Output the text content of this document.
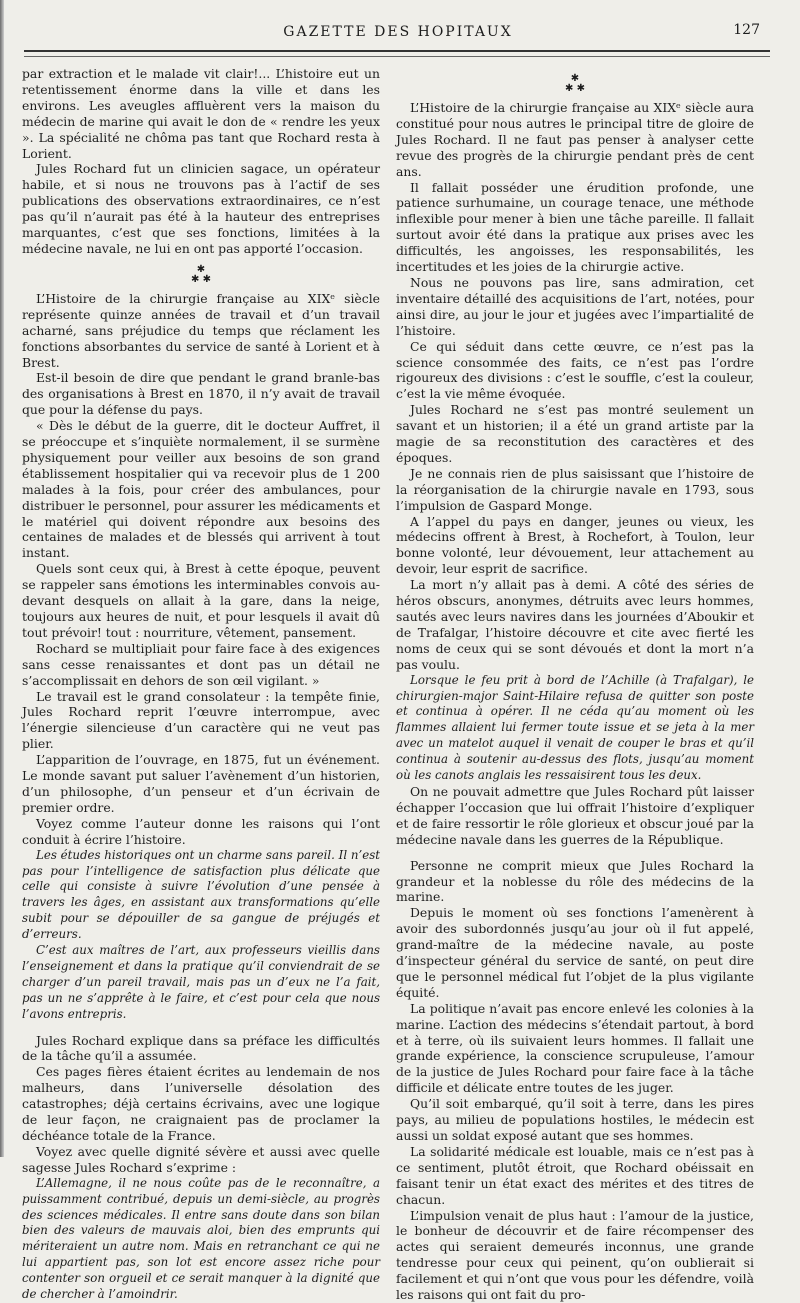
GAZETTE DES HOPITAUX	127

par extraction et le malade vit clair!... L’histoire eut un retentissement énorme dans la ville et dans les environs. Les aveugles affluèrent vers la maison du médecin de marine qui avait le don de « rendre les yeux ». La spécialité ne chôma pas tant que Rochard resta à Lorient.

Jules Rochard fut un clinicien sagace, un opérateur habile, et si nous ne trouvons pas à l’actif de ses publications des observations extraordinaires, ce n’est pas qu’il n’aurait pas été à la hauteur des entreprises marquantes, c’est que ses fonctions, limitées à la médecine navale, ne lui en ont pas apporté l’occasion.

✱
✱ ✱

L’Histoire de la chirurgie française au XIXᵉ siècle représente quinze années de travail et d’un travail acharné, sans préjudice du temps que réclament les fonctions absorbantes du service de santé à Lorient et à Brest.

Est-il besoin de dire que pendant le grand branle-bas des organisations à Brest en 1870, il n’y avait de travail que pour la défense du pays.

« Dès le début de la guerre, dit le docteur Auffret, il se préoccupe et s’inquiète normalement, il se surmène physiquement pour veiller aux besoins de son grand établissement hospitalier qui va recevoir plus de 1 200 malades à la fois, pour créer des ambulances, pour distribuer le personnel, pour assurer les médicaments et le matériel qui doivent répondre aux besoins des centaines de malades et de blessés qui arrivent à tout instant.

Quels sont ceux qui, à Brest à cette époque, peuvent se rappeler sans émotions les interminables convois au-devant desquels on allait à la gare, dans la neige, toujours aux heures de nuit, et pour lesquels il avait dû tout prévoir! tout : nourriture, vêtement, pansement.

Rochard se multipliait pour faire face à des exigences sans cesse renaissantes et dont pas un détail ne s’accomplissait en dehors de son œil vigilant. »

Le travail est le grand consolateur : la tempête finie, Jules Rochard reprit l’œuvre interrompue, avec l’énergie silencieuse d’un caractère qui ne veut pas plier.

L’apparition de l’ouvrage, en 1875, fut un événement. Le monde savant put saluer l’avènement d’un historien, d’un philosophe, d’un penseur et d’un écrivain de premier ordre.

Voyez comme l’auteur donne les raisons qui l’ont conduit à écrire l’histoire.

Les études historiques ont un charme sans pareil. Il n’est pas pour l’intelligence de satisfaction plus délicate que celle qui consiste à suivre l’évolution d’une pensée à travers les âges, en assistant aux transformations qu’elle subit pour se dépouiller de sa gangue de préjugés et d’erreurs.

C’est aux maîtres de l’art, aux professeurs vieillis dans l’enseignement et dans la pratique qu’il conviendrait de se charger d’un pareil travail, mais pas un d’eux ne l’a fait, pas un ne s’apprête à le faire, et c’est pour cela que nous l’avons entrepris.

Jules Rochard explique dans sa préface les difficultés de la tâche qu’il a assumée.

Ces pages fières étaient écrites au lendemain de nos malheurs, dans l’universelle désolation des catastrophes; déjà certains écrivains, avec une logique de leur façon, ne craignaient pas de proclamer la déchéance totale de la France.

Voyez avec quelle dignité sévère et aussi avec quelle sagesse Jules Rochard s’exprime :

L’Allemagne, il ne nous coûte pas de le reconnaître, a puissamment contribué, depuis un demi-siècle, au progrès des sciences médicales. Il entre sans doute dans son bilan bien des valeurs de mauvais aloi, bien des emprunts qui mériteraient un autre nom. Mais en retranchant ce qui ne lui appartient pas, son lot est encore assez riche pour contenter son orgueil et ce serait manquer à la dignité que de chercher à l’amoindrir.

✱
✱ ✱

L’Histoire de la chirurgie française au XIXᵉ siècle aura constitué pour nous autres le principal titre de gloire de Jules Rochard. Il ne faut pas penser à analyser cette revue des progrès de la chirurgie pendant près de cent ans.

Il fallait posséder une érudition profonde, une patience surhumaine, un courage tenace, une méthode inflexible pour mener à bien une tâche pareille. Il fallait surtout avoir été dans la pratique aux prises avec les difficultés, les angoisses, les responsabilités, les incertitudes et les joies de la chirurgie active.

Nous ne pouvons pas lire, sans admiration, cet inventaire détaillé des acquisitions de l’art, notées, pour ainsi dire, au jour le jour et jugées avec l’impartialité de l’histoire.

Ce qui séduit dans cette œuvre, ce n’est pas la science consommée des faits, ce n’est pas l’ordre rigoureux des divisions : c’est le souffle, c’est la couleur, c’est la vie même évoquée.

Jules Rochard ne s’est pas montré seulement un savant et un historien; il a été un grand artiste par la magie de sa reconstitution des caractères et des époques.

Je ne connais rien de plus saisissant que l’histoire de la réorganisation de la chirurgie navale en 1793, sous l’impulsion de Gaspard Monge.

A l’appel du pays en danger, jeunes ou vieux, les médecins offrent à Brest, à Rochefort, à Toulon, leur bonne volonté, leur dévouement, leur attachement au devoir, leur esprit de sacrifice.

La mort n’y allait pas à demi. A côté des séries de héros obscurs, anonymes, détruits avec leurs hommes, sautés avec leurs navires dans les journées d’Aboukir et de Trafalgar, l’histoire découvre et cite avec fierté les noms de ceux qui se sont dévoués et dont la mort n’a pas voulu.

Lorsque le feu prit à bord de l’Achille (à Trafalgar), le chirurgien-major Saint-Hilaire refusa de quitter son poste et continua à opérer. Il ne céda qu’au moment où les flammes allaient lui fermer toute issue et se jeta à la mer avec un matelot auquel il venait de couper le bras et qu’il continua à soutenir au-dessus des flots, jusqu’au moment où les canots anglais les ressaisirent tous les deux.

On ne pouvait admettre que Jules Rochard pût laisser échapper l’occasion que lui offrait l’histoire d’expliquer et de faire ressortir le rôle glorieux et obscur joué par la médecine navale dans les guerres de la République.

Personne ne comprit mieux que Jules Rochard la grandeur et la noblesse du rôle des médecins de la marine.

Depuis le moment où ses fonctions l’amenèrent à avoir des subordonnés jusqu’au jour où il fut appelé, grand-maître de la médecine navale, au poste d’inspecteur général du service de santé, on peut dire que le personnel médical fut l’objet de la plus vigilante équité.

La politique n’avait pas encore enlevé les colonies à la marine. L’action des médecins s’étendait partout, à bord et à terre, où ils suivaient leurs hommes. Il fallait une grande expérience, la conscience scrupuleuse, l’amour de la justice de Jules Rochard pour faire face à la tâche difficile et délicate entre toutes de les juger.

Qu’il soit embarqué, qu’il soit à terre, dans les pires pays, au milieu de populations hostiles, le médecin est aussi un soldat exposé autant que ses hommes.

La solidarité médicale est louable, mais ce n’est pas à ce sentiment, plutôt étroit, que Rochard obéissait en faisant tenir un état exact des mérites et des titres de chacun.

L’impulsion venait de plus haut : l’amour de la justice, le bonheur de découvrir et de faire récompenser des actes qui seraient demeurés inconnus, une grande tendresse pour ceux qui peinent, qu’on oublierait si facilement et qui n’ont que vous pour les défendre, voilà les raisons qui ont fait du pro-
